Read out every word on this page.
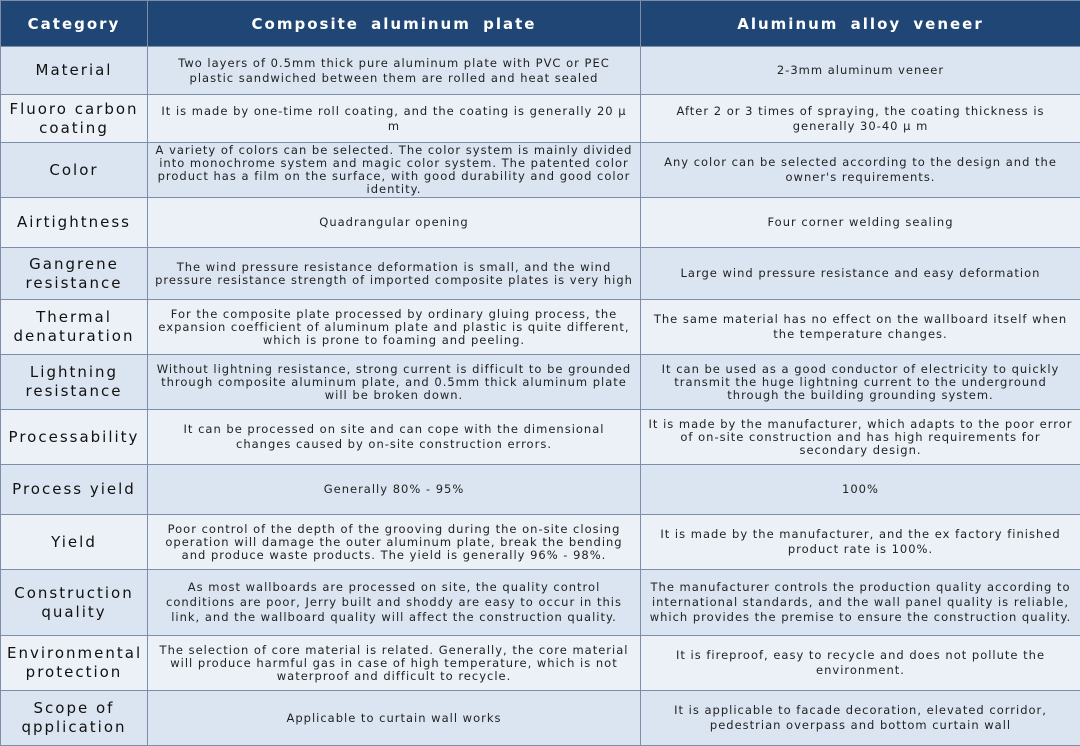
Category	Composite aluminum plate	Aluminum alloy veneer
Material	Two layers of 0.5mm thick pure aluminum plate with PVC or PEC plastic sandwiched between them are rolled and heat sealed	2-3mm aluminum veneer
Fluoro carbon coating	It is made by one-time roll coating, and the coating is generally 20 μ m	After 2 or 3 times of spraying, the coating thickness is generally 30-40 μ m
Color	A variety of colors can be selected. The color system is mainly divided into monochrome system and magic color system. The patented color product has a film on the surface, with good durability and good color identity.	Any color can be selected according to the design and the owner's requirements.
Airtightness	Quadrangular opening	Four corner welding sealing
Gangrene resistance	The wind pressure resistance deformation is small, and the wind pressure resistance strength of imported composite plates is very high	Large wind pressure resistance and easy deformation
Thermal denaturation	For the composite plate processed by ordinary gluing process, the expansion coefficient of aluminum plate and plastic is quite different, which is prone to foaming and peeling.	The same material has no effect on the wallboard itself when the temperature changes.
Lightning resistance	Without lightning resistance, strong current is difficult to be grounded through composite aluminum plate, and 0.5mm thick aluminum plate will be broken down.	It can be used as a good conductor of electricity to quickly transmit the huge lightning current to the underground through the building grounding system.
Processability	It can be processed on site and can cope with the dimensional changes caused by on-site construction errors.	It is made by the manufacturer, which adapts to the poor error of on-site construction and has high requirements for secondary design.
Process yield	Generally 80% - 95%	100%
Yield	Poor control of the depth of the grooving during the on-site closing operation will damage the outer aluminum plate, break the bending and produce waste products. The yield is generally 96% - 98%.	It is made by the manufacturer, and the ex factory finished product rate is 100%.
Construction quality	As most wallboards are processed on site, the quality control conditions are poor, Jerry built and shoddy are easy to occur in this link, and the wallboard quality will affect the construction quality.	The manufacturer controls the production quality according to international standards, and the wall panel quality is reliable, which provides the premise to ensure the construction quality.
Environmental protection	The selection of core material is related. Generally, the core material will produce harmful gas in case of high temperature, which is not waterproof and difficult to recycle.	It is fireproof, easy to recycle and does not pollute the environment.
Scope of qpplication	Applicable to curtain wall works	It is applicable to facade decoration, elevated corridor, pedestrian overpass and bottom curtain wall
